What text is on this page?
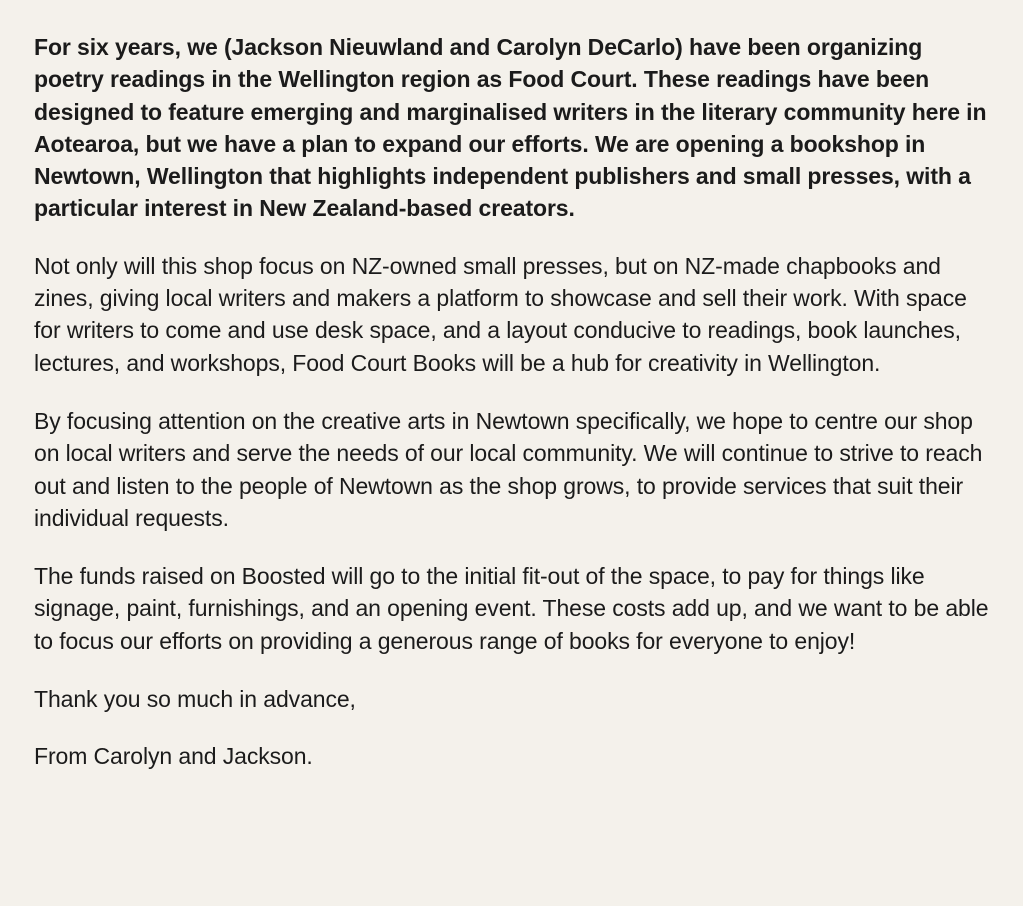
For six years, we (Jackson Nieuwland and Carolyn DeCarlo) have been organizing poetry readings in the Wellington region as Food Court. These readings have been designed to feature emerging and marginalised writers in the literary community here in Aotearoa, but we have a plan to expand our efforts. We are opening a bookshop in Newtown, Wellington that highlights independent publishers and small presses, with a particular interest in New Zealand-based creators.

Not only will this shop focus on NZ-owned small presses, but on NZ-made chapbooks and zines, giving local writers and makers a platform to showcase and sell their work. With space for writers to come and use desk space, and a layout conducive to readings, book launches, lectures, and workshops, Food Court Books will be a hub for creativity in Wellington.

By focusing attention on the creative arts in Newtown specifically, we hope to centre our shop on local writers and serve the needs of our local community. We will continue to strive to reach out and listen to the people of Newtown as the shop grows, to provide services that suit their individual requests.

The funds raised on Boosted will go to the initial fit-out of the space, to pay for things like signage, paint, furnishings, and an opening event. These costs add up, and we want to be able to focus our efforts on providing a generous range of books for everyone to enjoy!

Thank you so much in advance,

From Carolyn and Jackson.
